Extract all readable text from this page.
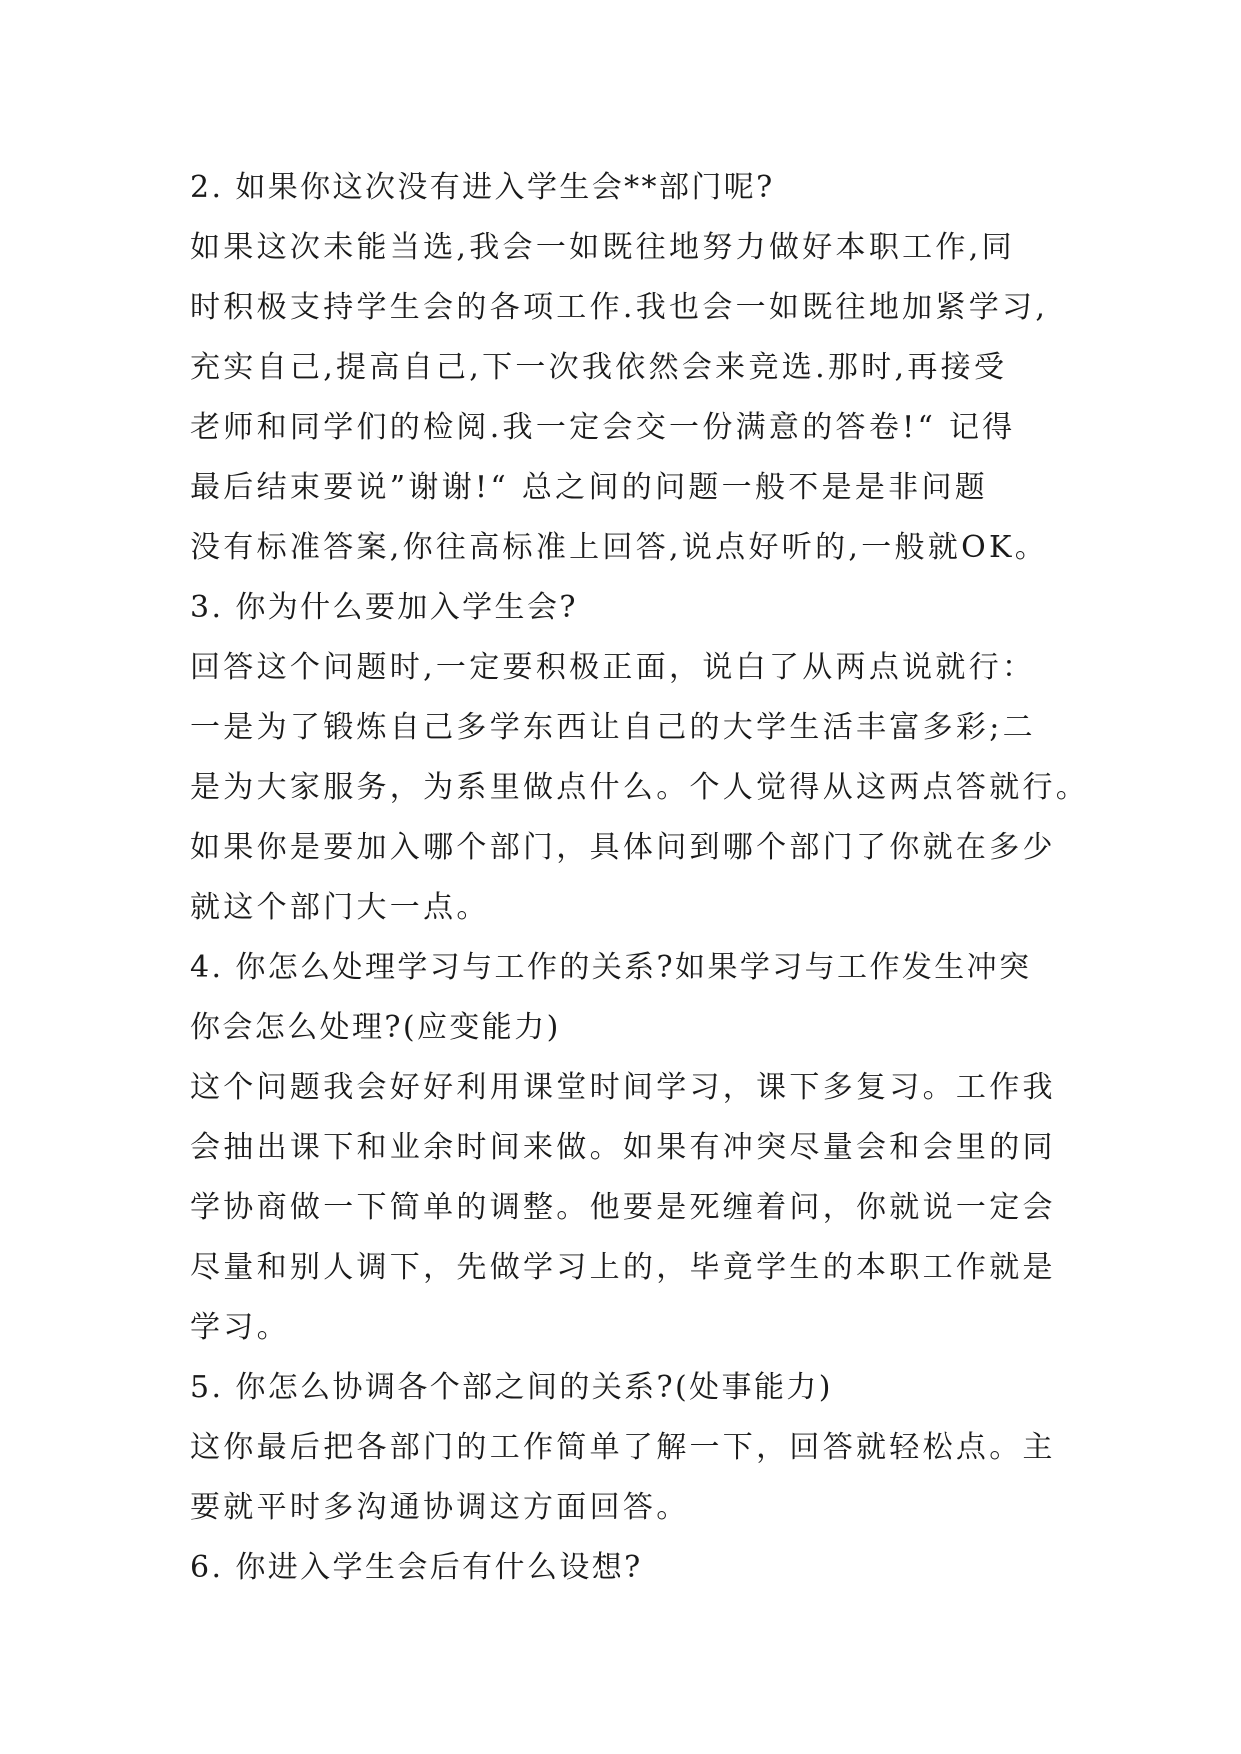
2. 如果你这次没有进入学生会**部门呢?
如果这次未能当选,我会一如既往地努力做好本职工作,同
时积极支持学生会的各项工作.我也会一如既往地加紧学习,
充实自己,提高自己,下一次我依然会来竞选.那时,再接受
老师和同学们的检阅.我一定会交一份满意的答卷!“ 记得
最后结束要说”谢谢!“ 总之间的问题一般不是是非问题
没有标准答案,你往高标准上回答,说点好听的,一般就OK。
3. 你为什么要加入学生会?
回答这个问题时,一定要积极正面，说白了从两点说就行：
一是为了锻炼自己多学东西让自己的大学生活丰富多彩;二
是为大家服务，为系里做点什么。个人觉得从这两点答就行。
如果你是要加入哪个部门，具体问到哪个部门了你就在多少
就这个部门大一点。
4. 你怎么处理学习与工作的关系?如果学习与工作发生冲突
你会怎么处理?(应变能力)
这个问题我会好好利用课堂时间学习，课下多复习。工作我
会抽出课下和业余时间来做。如果有冲突尽量会和会里的同
学协商做一下简单的调整。他要是死缠着问，你就说一定会
尽量和别人调下，先做学习上的，毕竟学生的本职工作就是
学习。
5. 你怎么协调各个部之间的关系?(处事能力)
这你最后把各部门的工作简单了解一下，回答就轻松点。主
要就平时多沟通协调这方面回答。
6. 你进入学生会后有什么设想?
